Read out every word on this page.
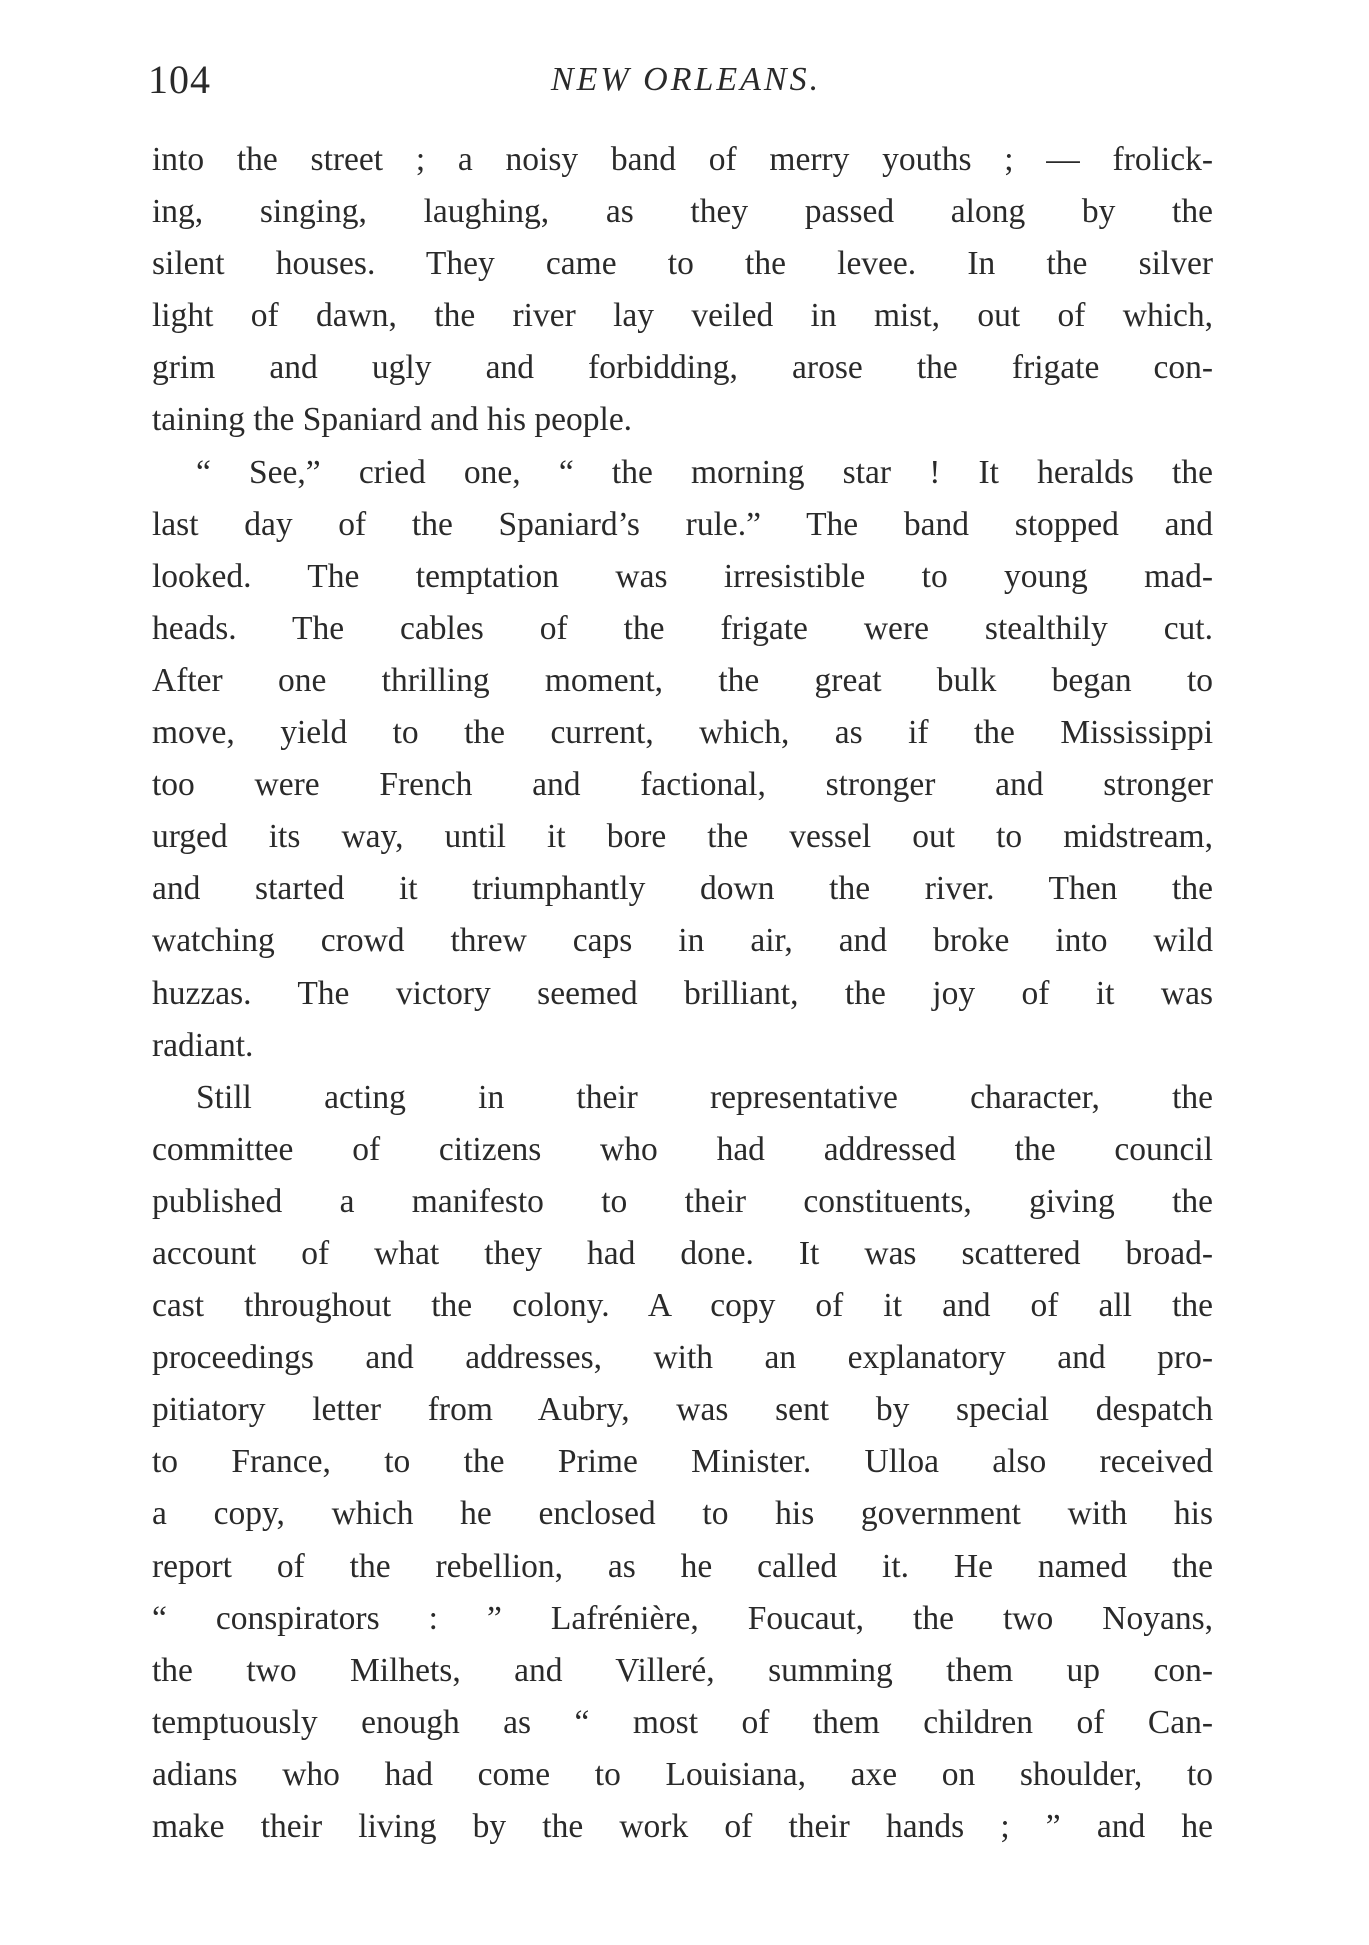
104	NEW ORLEANS.
into the street ; a noisy band of merry youths ; — frolick-
ing, singing, laughing, as they passed along by the
silent houses. They came to the levee. In the silver
light of dawn, the river lay veiled in mist, out of which,
grim and ugly and forbidding, arose the frigate con-
taining the Spaniard and his people.
“ See,” cried one, “ the morning star ! It heralds the
last day of the Spaniard’s rule.” The band stopped and
looked. The temptation was irresistible to young mad-
heads. The cables of the frigate were stealthily cut.
After one thrilling moment, the great bulk began to
move, yield to the current, which, as if the Mississippi
too were French and factional, stronger and stronger
urged its way, until it bore the vessel out to midstream,
and started it triumphantly down the river. Then the
watching crowd threw caps in air, and broke into wild
huzzas. The victory seemed brilliant, the joy of it was
radiant.
Still acting in their representative character, the
committee of citizens who had addressed the council
published a manifesto to their constituents, giving the
account of what they had done. It was scattered broad-
cast throughout the colony. A copy of it and of all the
proceedings and addresses, with an explanatory and pro-
pitiatory letter from Aubry, was sent by special despatch
to France, to the Prime Minister. Ulloa also received
a copy, which he enclosed to his government with his
report of the rebellion, as he called it. He named the
“ conspirators : ” Lafrénière, Foucaut, the two Noyans,
the two Milhets, and Villeré, summing them up con-
temptuously enough as “ most of them children of Can-
adians who had come to Louisiana, axe on shoulder, to
make their living by the work of their hands ; ” and he
